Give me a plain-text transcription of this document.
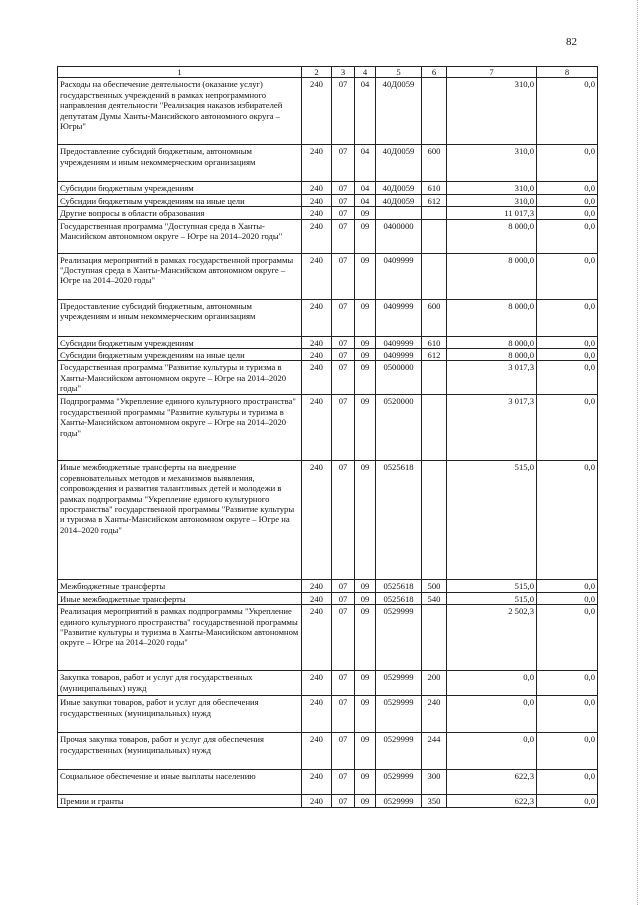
82
1	2	3	4	5	6	7	8
Расходы на обеспечение деятельности (оказание услуг) государственных учреждений в рамках непрограммного направления деятельности "Реализация наказов избирателей депутатам Думы Ханты-Мансийского автономного округа – Югры"	240	07	04	40Д0059		310,0	0,0
Предоставление субсидий бюджетным, автономным учреждениям и иным некоммерческим организациям	240	07	04	40Д0059	600	310,0	0,0
Субсидии бюджетным учреждениям	240	07	04	40Д0059	610	310,0	0,0
Субсидии бюджетным учреждениям на иные цели	240	07	04	40Д0059	612	310,0	0,0
Другие вопросы в области образования	240	07	09			11 017,3	0,0
Государственная программа "Доступная среда в Ханты-Мансийском автономном округе – Югре на 2014–2020 годы"	240	07	09	0400000		8 000,0	0,0
Реализация мероприятий в рамках государственной программы "Доступная среда в Ханты-Мансийском автономном округе – Югре на 2014–2020 годы"	240	07	09	0409999		8 000,0	0,0
Предоставление субсидий бюджетным, автономным учреждениям и иным некоммерческим организациям	240	07	09	0409999	600	8 000,0	0,0
Субсидии бюджетным учреждениям	240	07	09	0409999	610	8 000,0	0,0
Субсидии бюджетным учреждениям на иные цели	240	07	09	0409999	612	8 000,0	0,0
Государственная программа "Развитие культуры и туризма в Ханты-Мансийском автономном округе – Югре на 2014–2020 годы"	240	07	09	0500000		3 017,3	0,0
Подпрограмма "Укрепление единого культурного пространства" государственной программы "Развитие культуры и туризма в Ханты-Мансийском автономном округе – Югре на 2014–2020 годы"	240	07	09	0520000		3 017,3	0,0
Иные межбюджетные трансферты на внедрение соревновательных методов и механизмов выявления, сопровождения и развития талантливых детей и молодежи в рамках подпрограммы "Укрепление единого культурного пространства" государственной программы "Развитие культуры и туризма в Ханты-Мансийском автономном округе – Югре на 2014–2020 годы"	240	07	09	0525618		515,0	0,0
Межбюджетные трансферты	240	07	09	0525618	500	515,0	0,0
Иные межбюджетные трансферты	240	07	09	0525618	540	515,0	0,0
Реализация мероприятий в рамках подпрограммы "Укрепление единого культурного пространства" государственной программы "Развитие культуры и туризма в Ханты-Мансийском автономном округе – Югре на 2014–2020 годы"	240	07	09	0529999		2 502,3	0,0
Закупка товаров, работ и услуг для государственных (муниципальных) нужд	240	07	09	0529999	200	0,0	0,0
Иные закупки товаров, работ и услуг для обеспечения государственных (муниципальных) нужд	240	07	09	0529999	240	0,0	0,0
Прочая закупка товаров, работ и услуг для обеспечения государственных (муниципальных) нужд	240	07	09	0529999	244	0,0	0,0
Социальное обеспечение и иные выплаты населению	240	07	09	0529999	300	622,3	0,0
Премии и гранты	240	07	09	0529999	350	622,3	0,0
